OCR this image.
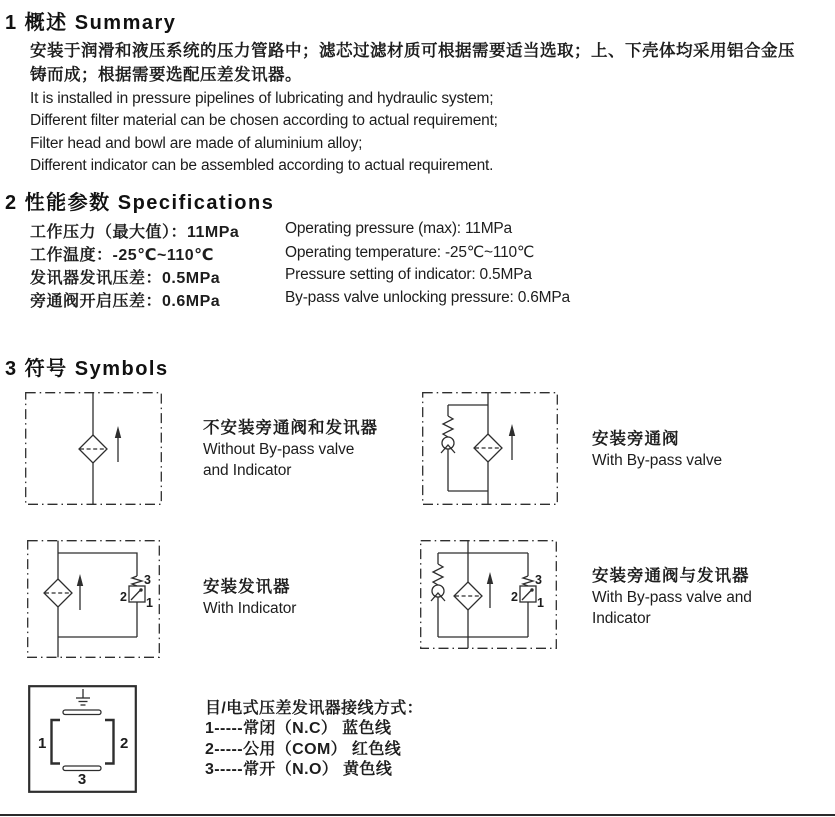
1 概述 Summary
安装于润滑和液压系统的压力管路中；滤芯过滤材质可根据需要适当选取；上、下壳体均采用铝合金压
铸而成；根据需要选配压差发讯器。
It is installed in pressure pipelines of lubricating and hydraulic system;
Different filter material can be chosen according to actual requirement;
Filter head and bowl are made of aluminium alloy;
Different indicator can be assembled according to actual requirement.
2 性能参数 Specifications
工作压力（最大值）：11MPa	Operating pressure (max): 11MPa
工作温度：-25℃~110℃	Operating temperature: -25℃~110℃
发讯器发讯压差：0.5MPa	Pressure setting of indicator: 0.5MPa
旁通阀开启压差：0.6MPa	By-pass valve unlocking pressure: 0.6MPa
3 符号 Symbols
不安装旁通阀和发讯器
Without By-pass valve
and Indicator
安装旁通阀
With By-pass valve
2
3
1
安装发讯器
With Indicator
2
3
1
安装旁通阀与发讯器
With By-pass valve and
Indicator
1	2
3
目/电式压差发讯器接线方式：
1-----常闭（N.C） 蓝色线
2-----公用（COM） 红色线
3-----常开（N.O） 黄色线
